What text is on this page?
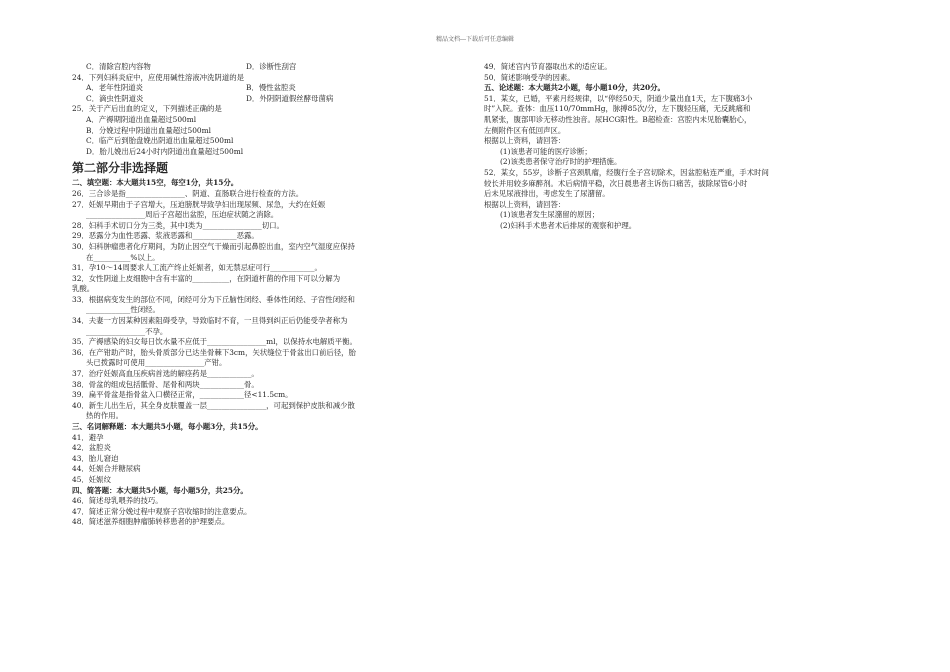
精品文档---下载后可任意编辑
C．清除宫腔内容物	D．诊断性刮宫
24．下列妇科炎症中，应使用碱性溶液冲洗阴道的是
A．老年性阴道炎	B．慢性盆腔炎
C．滴虫性阴道炎	D．外阴阴道假丝酵母菌病
25．关于产后出血的定义，下列描述正确的是
A．产褥期阴道出血量超过500ml
B．分娩过程中阴道出血量超过500ml
C．临产后到胎盘娩出阴道出血量超过500ml
D．胎儿娩出后24小时内阴道出血量超过500ml
第二部分非选择题
二、填空题：本大题共15空，每空1分，共15分。
26．三合诊是指________________、阴道、直肠联合进行检查的方法。
27．妊娠早期由于子宫增大，压迫膀胱导致孕妇出现尿频、尿急，大约在妊娠
________________周后子宫超出盆腔，压迫症状随之消除。
28．妇科手术切口分为三类，其中Ⅰ类为________________切口。
29．恶露分为血性恶露、浆液恶露和____________恶露。
30．妇科肿瘤患者化疗期间，为防止因空气干燥而引起鼻腔出血，室内空气湿度应保持
在__________%以上。
31．孕10～14周要求人工流产终止妊娠者，如无禁忌症可行____________。
32．女性阴道上皮细胞中含有丰富的__________，在阴道杆菌的作用下可以分解为
乳酸。
33．根据病变发生的部位不同，闭经可分为下丘脑性闭经、垂体性闭经、子宫性闭经和
____________性闭经。
34．夫妻一方因某种因素阻碍受孕，导致临时不育，一旦得到纠正后仍能受孕者称为
________________不孕。
35．产褥感染的妇女每日饮水量不应低于________________ml，以保持水电解质平衡。
36．在产钳助产时，胎头骨质部分已达坐骨棘下3cm，矢状缝位于骨盆出口前后径，胎
头已拨露时可使用________________产钳。
37．治疗妊娠高血压疾病首选的解痉药是____________。
38．骨盆的组成包括骶骨、尾骨和两块____________骨。
39．扁平骨盆是指骨盆入口横径正常，____________径<11.5cm。
40．新生儿出生后，其全身皮肤覆盖一层________________，可起到保护皮肤和减少散
热的作用。
三、名词解释题：本大题共5小题，每小题3分，共15分。
41．避孕
42．盆腔炎
43．胎儿窘迫
44．妊娠合并糖尿病
45．妊娠纹
四、简答题：本大题共5小题，每小题5分，共25分。
46．简述母乳喂养的技巧。
47．简述正常分娩过程中观察子宫收缩时的注意要点。
48．简述滋养细胞肿瘤肺转移患者的护理要点。
49．简述宫内节育器取出术的适应证。
50．简述影响受孕的因素。
五、论述题：本大题共2小题，每小题10分，共20分。
51．某女，已婚，平素月经规律，以“停经50天，阴道少量出血1天，左下腹痛3小
时”入院。查体：血压110/70mmHg，脉搏85次/分，左下腹轻压痛，无反跳痛和
肌紧张，腹部叩诊无移动性浊音。尿HCG阳性。B超检查：宫腔内未见胎囊胎心，
左侧附件区有低回声区。
根据以上资料，请回答：
(1)该患者可能的医疗诊断；
(2)该类患者保守治疗时的护理措施。
52．某女，55岁，诊断子宫颈肌瘤，经腹行全子宫切除术，因盆腔粘连严重，手术时间
较长并用较多麻醉剂。术后病情平稳，次日晨患者主诉伤口痛苦，拔除尿管6小时
后未见尿液排出，考虑发生了尿潴留。
根据以上资料，请回答：
(1)该患者发生尿潴留的原因；
(2)妇科手术患者术后排尿的观察和护理。
